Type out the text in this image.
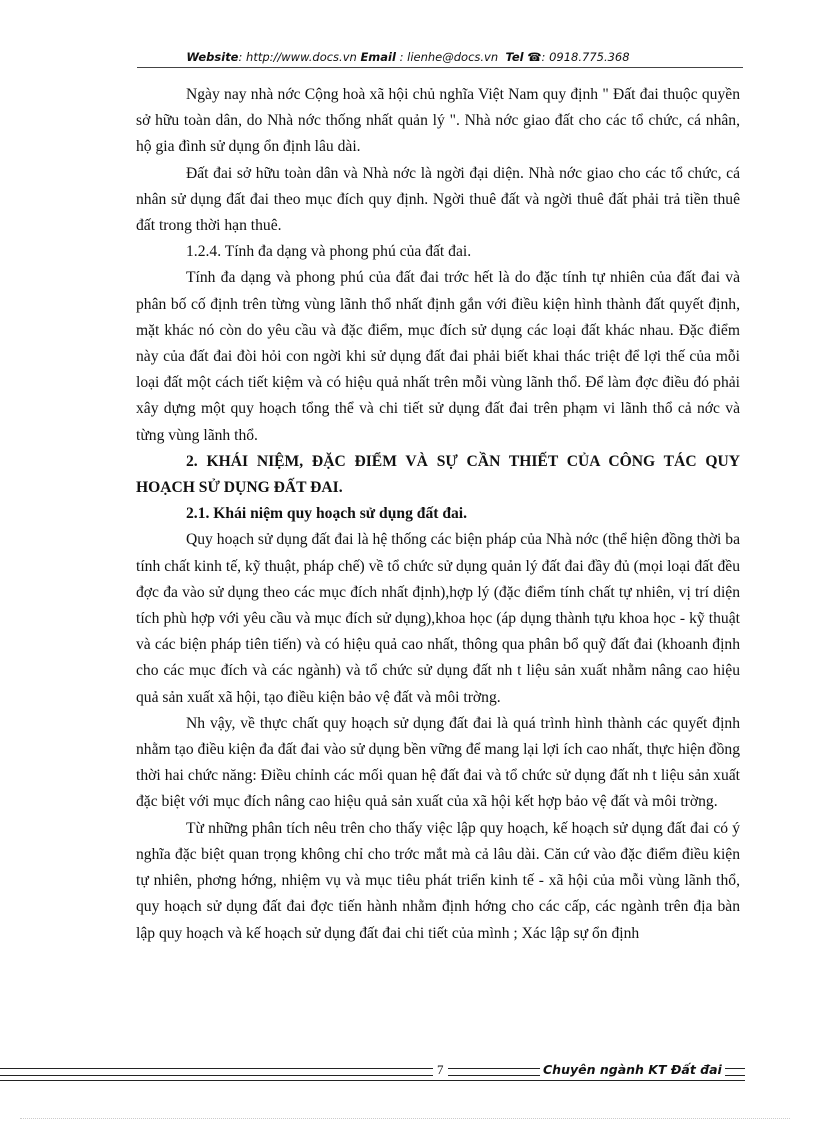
Website: http://www.docs.vn Email : lienhe@docs.vn Tel ☎: 0918.775.368

Ngày nay nhà nớc Cộng hoà xã hội chủ nghĩa Việt Nam quy định " Đất đai thuộc quyền sở hữu toàn dân, do Nhà nớc thống nhất quản lý ". Nhà nớc giao đất cho các tổ chức, cá nhân, hộ gia đình sử dụng ổn định lâu dài.

Đất đai sở hữu toàn dân và Nhà nớc là ngời đại diện. Nhà nớc giao cho các tổ chức, cá nhân sử dụng đất đai theo mục đích quy định. Ngời thuê đất và ngời thuê đất phải trả tiền thuê đất trong thời hạn thuê.

1.2.4. Tính đa dạng và phong phú của đất đai.

Tính đa dạng và phong phú của đất đai trớc hết là do đặc tính tự nhiên của đất đai và phân bố cố định trên từng vùng lãnh thổ nhất định gắn với điều kiện hình thành đất quyết định, mặt khác nó còn do yêu cầu và đặc điểm, mục đích sử dụng các loại đất khác nhau. Đặc điểm này của đất đai đòi hỏi con ngời khi sử dụng đất đai phải biết khai thác triệt để lợi thế của mỗi loại đất một cách tiết kiệm và có hiệu quả nhất trên mỗi vùng lãnh thổ. Để làm đợc điều đó phải xây dựng một quy hoạch tổng thể và chi tiết sử dụng đất đai trên phạm vi lãnh thổ cả nớc và từng vùng lãnh thổ.

2. KHÁI NIỆM, ĐẶC ĐIỂM VÀ SỰ CẦN THIẾT CỦA CÔNG TÁC QUY HOẠCH SỬ DỤNG ĐẤT ĐAI.

2.1. Khái niệm quy hoạch sử dụng đất đai.

Quy hoạch sử dụng đất đai là hệ thống các biện pháp của Nhà nớc (thể hiện đồng thời ba tính chất kinh tế, kỹ thuật, pháp chế) về tổ chức sử dụng quản lý đất đai đầy đủ (mọi loại đất đều đợc đa vào sử dụng theo các mục đích nhất định),hợp lý (đặc điểm tính chất tự nhiên, vị trí diện tích phù hợp với yêu cầu và mục đích sử dụng),khoa học (áp dụng thành tựu khoa học - kỹ thuật và các biện pháp tiên tiến) và có hiệu quả cao nhất, thông qua phân bổ quỹ đất đai (khoanh định cho các mục đích và các ngành) và tổ chức sử dụng đất nh t liệu sản xuất nhằm nâng cao hiệu quả sản xuất xã hội, tạo điều kiện bảo vệ đất và môi trờng.

Nh vậy, về thực chất quy hoạch sử dụng đất đai là quá trình hình thành các quyết định nhằm tạo điều kiện đa đất đai vào sử dụng bền vững để mang lại lợi ích cao nhất, thực hiện đồng thời hai chức năng: Điều chỉnh các mối quan hệ đất đai và tổ chức sử dụng đất nh t liệu sản xuất đặc biệt với mục đích nâng cao hiệu quả sản xuất của xã hội kết hợp bảo vệ đất và môi trờng.

Từ những phân tích nêu trên cho thấy việc lập quy hoạch, kế hoạch sử dụng đất đai có ý nghĩa đặc biệt quan trọng không chỉ cho trớc mắt mà cả lâu dài. Căn cứ vào đặc điểm điều kiện tự nhiên, phơng hớng, nhiệm vụ và mục tiêu phát triển kinh tế - xã hội của mỗi vùng lãnh thổ, quy hoạch sử dụng đất đai đợc tiến hành nhằm định hớng cho các cấp, các ngành trên địa bàn lập quy hoạch và kế hoạch sử dụng đất đai chi tiết của mình ; Xác lập sự ổn định

7	Chuyên ngành KT Đất đai
